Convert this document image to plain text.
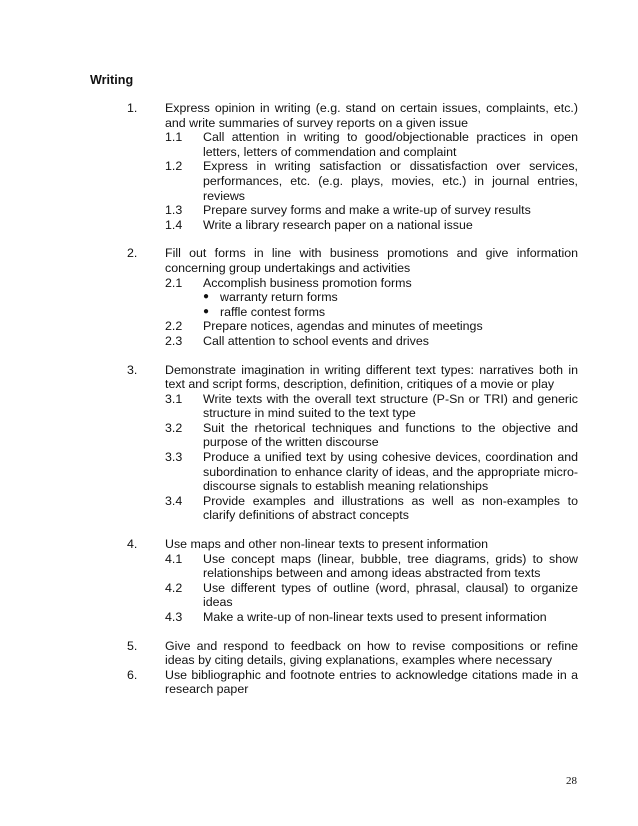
Writing
1. Express opinion in writing (e.g. stand on certain issues, complaints, etc.) and write summaries of survey reports on a given issue
1.1 Call attention in writing to good/objectionable practices in open letters, letters of commendation and complaint
1.2 Express in writing satisfaction or dissatisfaction over services, performances, etc. (e.g. plays, movies, etc.) in journal entries, reviews
1.3 Prepare survey forms and make a write-up of survey results
1.4 Write a library research paper on a national issue
2. Fill out forms in line with business promotions and give information concerning group undertakings and activities
2.1 Accomplish business promotion forms
● warranty return forms
● raffle contest forms
2.2 Prepare notices, agendas and minutes of meetings
2.3 Call attention to school events and drives
3. Demonstrate imagination in writing different text types: narratives both in text and script forms, description, definition, critiques of a movie or play
3.1 Write texts with the overall text structure (P-Sn or TRI) and generic structure in mind suited to the text type
3.2 Suit the rhetorical techniques and functions to the objective and purpose of the written discourse
3.3 Produce a unified text by using cohesive devices, coordination and subordination to enhance clarity of ideas, and the appropriate micro-discourse signals to establish meaning relationships
3.4 Provide examples and illustrations as well as non-examples to clarify definitions of abstract concepts
4. Use maps and other non-linear texts to present information
4.1 Use concept maps (linear, bubble, tree diagrams, grids) to show relationships between and among ideas abstracted from texts
4.2 Use different types of outline (word, phrasal, clausal) to organize ideas
4.3 Make a write-up of non-linear texts used to present information
5. Give and respond to feedback on how to revise compositions or refine ideas by citing details, giving explanations, examples where necessary
6. Use bibliographic and footnote entries to acknowledge citations made in a research paper
28
